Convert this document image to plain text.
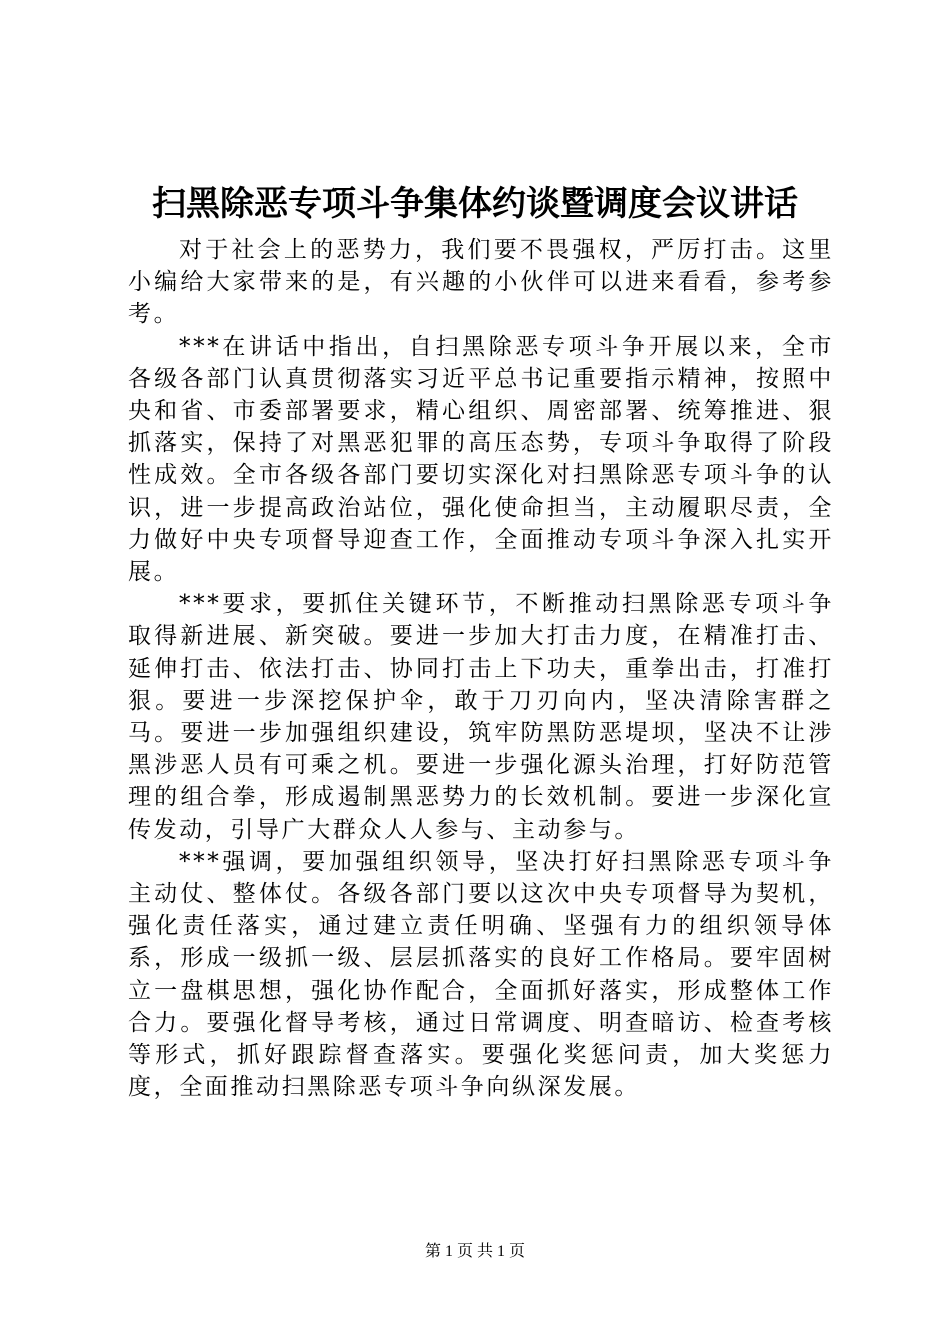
扫黑除恶专项斗争集体约谈暨调度会议讲话

对于社会上的恶势力，我们要不畏强权，严厉打击。这里小编给大家带来的是，有兴趣的小伙伴可以进来看看，参考参考。

***在讲话中指出，自扫黑除恶专项斗争开展以来，全市各级各部门认真贯彻落实习近平总书记重要指示精神，按照中央和省、市委部署要求，精心组织、周密部署、统筹推进、狠抓落实，保持了对黑恶犯罪的高压态势，专项斗争取得了阶段性成效。全市各级各部门要切实深化对扫黑除恶专项斗争的认识，进一步提高政治站位，强化使命担当，主动履职尽责，全力做好中央专项督导迎查工作，全面推动专项斗争深入扎实开展。

***要求，要抓住关键环节，不断推动扫黑除恶专项斗争取得新进展、新突破。要进一步加大打击力度，在精准打击、延伸打击、依法打击、协同打击上下功夫，重拳出击，打准打狠。要进一步深挖保护伞，敢于刀刃向内，坚决清除害群之马。要进一步加强组织建设，筑牢防黑防恶堤坝，坚决不让涉黑涉恶人员有可乘之机。要进一步强化源头治理，打好防范管理的组合拳，形成遏制黑恶势力的长效机制。要进一步深化宣传发动，引导广大群众人人参与、主动参与。

***强调，要加强组织领导，坚决打好扫黑除恶专项斗争主动仗、整体仗。各级各部门要以这次中央专项督导为契机，强化责任落实，通过建立责任明确、坚强有力的组织领导体系，形成一级抓一级、层层抓落实的良好工作格局。要牢固树立一盘棋思想，强化协作配合，全面抓好落实，形成整体工作合力。要强化督导考核，通过日常调度、明查暗访、检查考核等形式，抓好跟踪督查落实。要强化奖惩问责，加大奖惩力度，全面推动扫黑除恶专项斗争向纵深发展。

第 1 页 共 1 页
